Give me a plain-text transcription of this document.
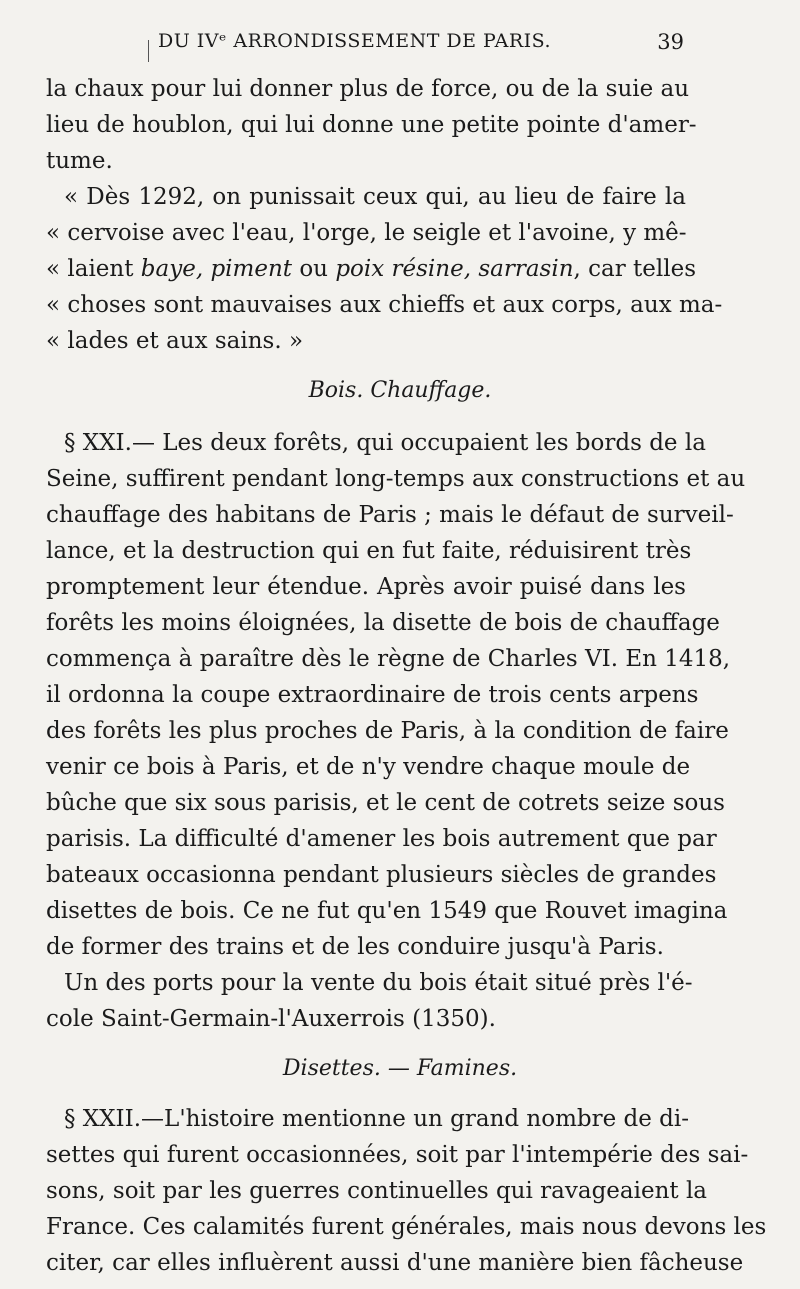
DU IVᵉ ARRONDISSEMENT DE PARIS.	39
la chaux pour lui donner plus de force, ou de la suie au
lieu de houblon, qui lui donne une petite pointe d'amer-
tume.
« Dès 1292, on punissait ceux qui, au lieu de faire la
« cervoise avec l'eau, l'orge, le seigle et l'avoine, y mê-
« laient baye, piment ou poix résine, sarrasin, car telles
« choses sont mauvaises aux chieffs et aux corps, aux ma-
« lades et aux sains. »
Bois. Chauffage.
§ XXI.— Les deux forêts, qui occupaient les bords de la
Seine, suffirent pendant long-temps aux constructions et au
chauffage des habitans de Paris ; mais le défaut de surveil-
lance, et la destruction qui en fut faite, réduisirent très
promptement leur étendue. Après avoir puisé dans les
forêts les moins éloignées, la disette de bois de chauffage
commença à paraître dès le règne de Charles VI. En 1418,
il ordonna la coupe extraordinaire de trois cents arpens
des forêts les plus proches de Paris, à la condition de faire
venir ce bois à Paris, et de n'y vendre chaque moule de
bûche que six sous parisis, et le cent de cotrets seize sous
parisis. La difficulté d'amener les bois autrement que par
bateaux occasionna pendant plusieurs siècles de grandes
disettes de bois. Ce ne fut qu'en 1549 que Rouvet imagina
de former des trains et de les conduire jusqu'à Paris.
Un des ports pour la vente du bois était situé près l'é-
cole Saint-Germain-l'Auxerrois (1350).
Disettes. — Famines.
§ XXII.—L'histoire mentionne un grand nombre de di-
settes qui furent occasionnées, soit par l'intempérie des sai-
sons, soit par les guerres continuelles qui ravageaient la
France. Ces calamités furent générales, mais nous devons les
citer, car elles influèrent aussi d'une manière bien fâcheuse
